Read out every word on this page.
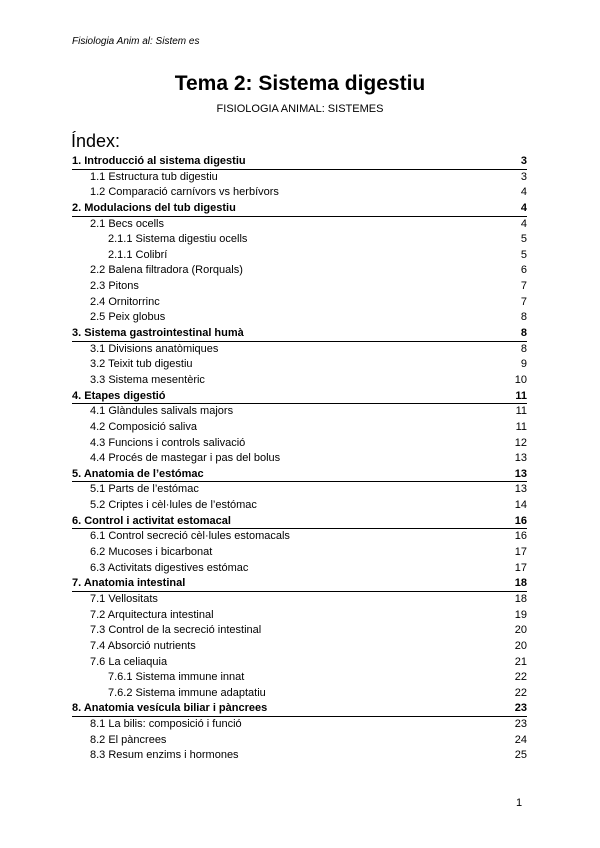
Fisiologia Anim al: Sistem es
Tema 2: Sistema digestiu
FISIOLOGIA ANIMAL: SISTEMES
Índex:
1. Introducció al sistema digestiu	3
1.1 Estructura tub digestiu	3
1.2 Comparació carnívors vs herbívors	4
2. Modulacions del tub digestiu	4
2.1 Becs ocells	4
2.1.1 Sistema digestiu ocells	5
2.1.1 Colibrí	5
2.2 Balena filtradora (Rorquals)	6
2.3 Pitons	7
2.4 Ornitorrinc	7
2.5 Peix globus	8
3. Sistema gastrointestinal humà	8
3.1 Divisions anatòmiques	8
3.2 Teixit tub digestiu	9
3.3 Sistema mesentèric	10
4. Etapes digestió	11
4.1 Glàndules salivals majors	11
4.2 Composició saliva	11
4.3 Funcions i controls salivació	12
4.4 Procés de mastegar i pas del bolus	13
5. Anatomia de l’estómac	13
5.1 Parts de l’estómac	13
5.2 Criptes i cèl·lules de l’estómac	14
6. Control i activitat estomacal	16
6.1 Control secreció cèl·lules estomacals	16
6.2 Mucoses i bicarbonat	17
6.3 Activitats digestives estómac	17
7. Anatomia intestinal	18
7.1 Vellositats	18
7.2 Arquitectura intestinal	19
7.3 Control de la secreció intestinal	20
7.4 Absorció nutrients	20
7.6 La celiaquia	21
7.6.1 Sistema immune innat	22
7.6.2 Sistema immune adaptatiu	22
8. Anatomia vesícula biliar i pàncrees	23
8.1 La bilis: composició i funció	23
8.2 El pàncrees	24
8.3 Resum enzims i hormones	25
1
